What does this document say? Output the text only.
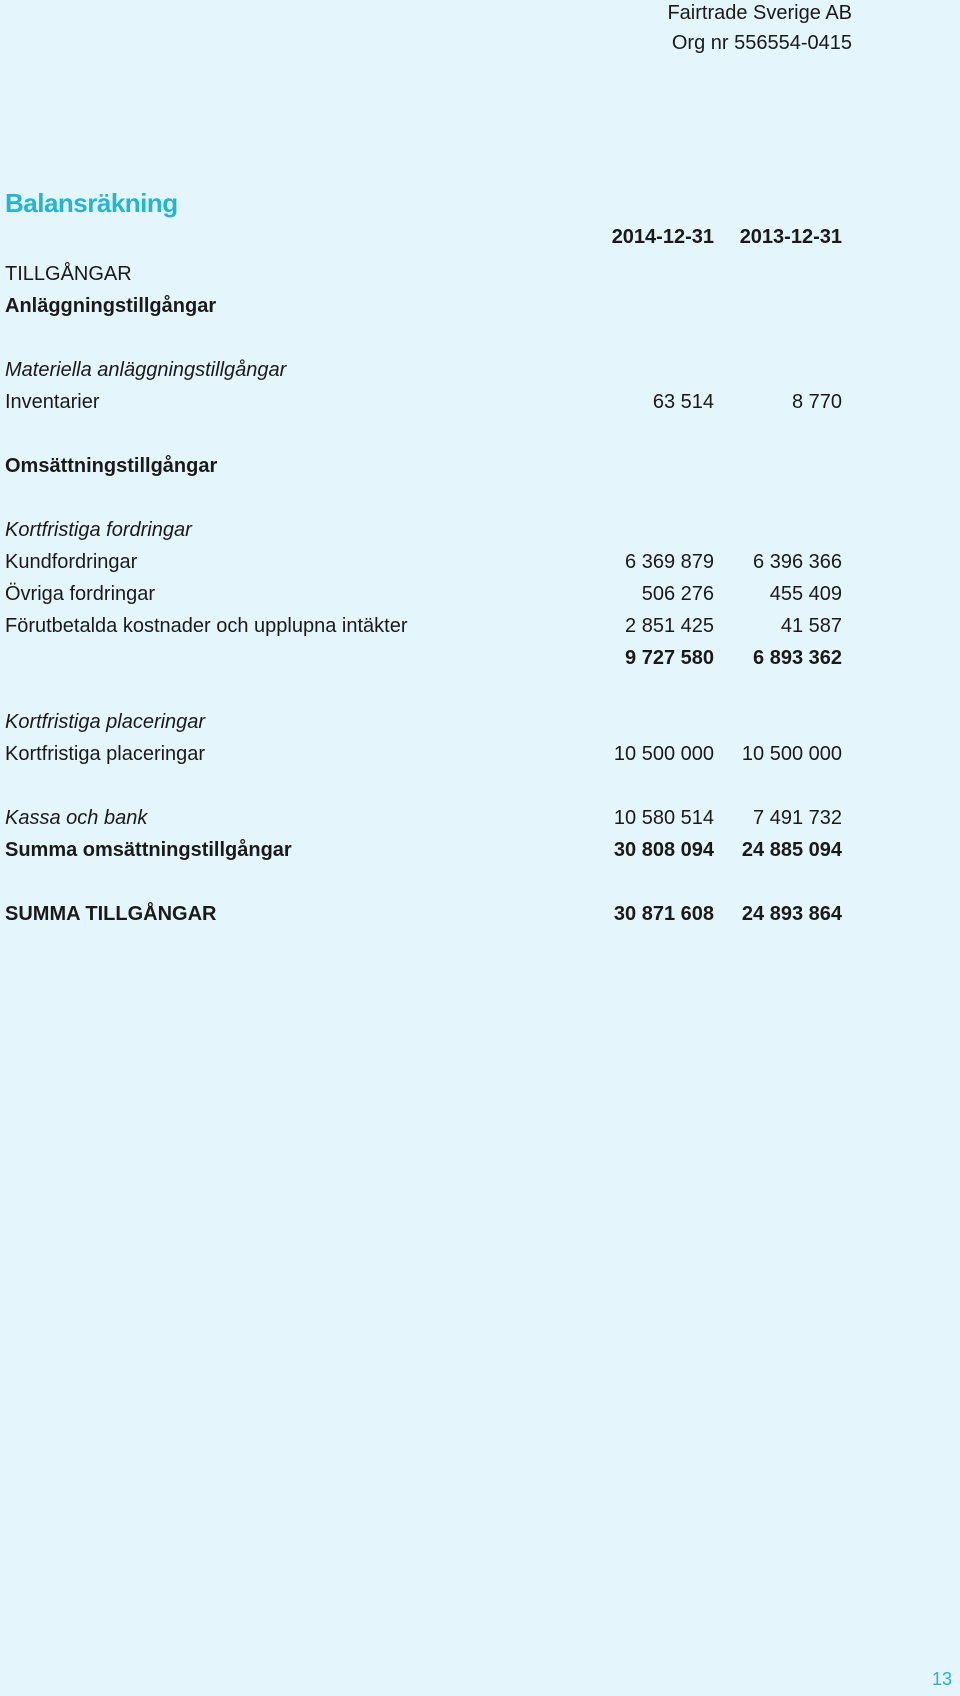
Fairtrade Sverige AB
Org nr 556554-0415
Balansräkning
2014-12-31	2013-12-31
TILLGÅNGAR
Anläggningstillgångar
Materiella anläggningstillgångar
Inventarier	63 514	8 770
Omsättningstillgångar
Kortfristiga fordringar
Kundfordringar	6 369 879	6 396 366
Övriga fordringar	506 276	455 409
Förutbetalda kostnader och upplupna intäkter	2 851 425	41 587
9 727 580	6 893 362
Kortfristiga placeringar
Kortfristiga placeringar	10 500 000	10 500 000
Kassa och bank	10 580 514	7 491 732
Summa omsättningstillgångar	30 808 094	24 885 094
SUMMA TILLGÅNGAR	30 871 608	24 893 864
13
